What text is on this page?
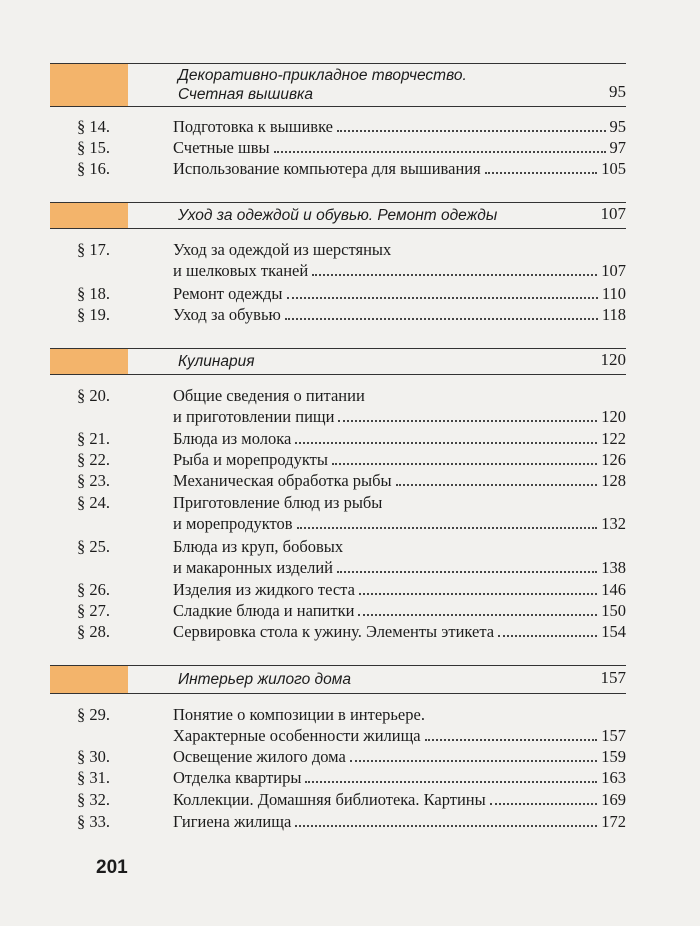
Декоративно-прикладное творчество.
Счетная вышивка	95
§ 14.	Подготовка к вышивке	95
§ 15.	Счетные швы	97
§ 16.	Использование компьютера для вышивания	105
Уход за одеждой и обувью. Ремонт одежды	107
§ 17.	Уход за одеждой из шерстяных
и шелковых тканей	107
§ 18.	Ремонт одежды	110
§ 19.	Уход за обувью	118
Кулинария	120
§ 20.	Общие сведения о питании
и приготовлении пищи	120
§ 21.	Блюда из молока	122
§ 22.	Рыба и морепродукты	126
§ 23.	Механическая обработка рыбы	128
§ 24.	Приготовление блюд из рыбы
и морепродуктов	132
§ 25.	Блюда из круп, бобовых
и макаронных изделий	138
§ 26.	Изделия из жидкого теста	146
§ 27.	Сладкие блюда и напитки	150
§ 28.	Сервировка стола к ужину. Элементы этикета	154
Интерьер жилого дома	157
§ 29.	Понятие о композиции в интерьере.
Характерные особенности жилища	157
§ 30.	Освещение жилого дома	159
§ 31.	Отделка квартиры	163
§ 32.	Коллекции. Домашняя библиотека. Картины	169
§ 33.	Гигиена жилища	172
201
